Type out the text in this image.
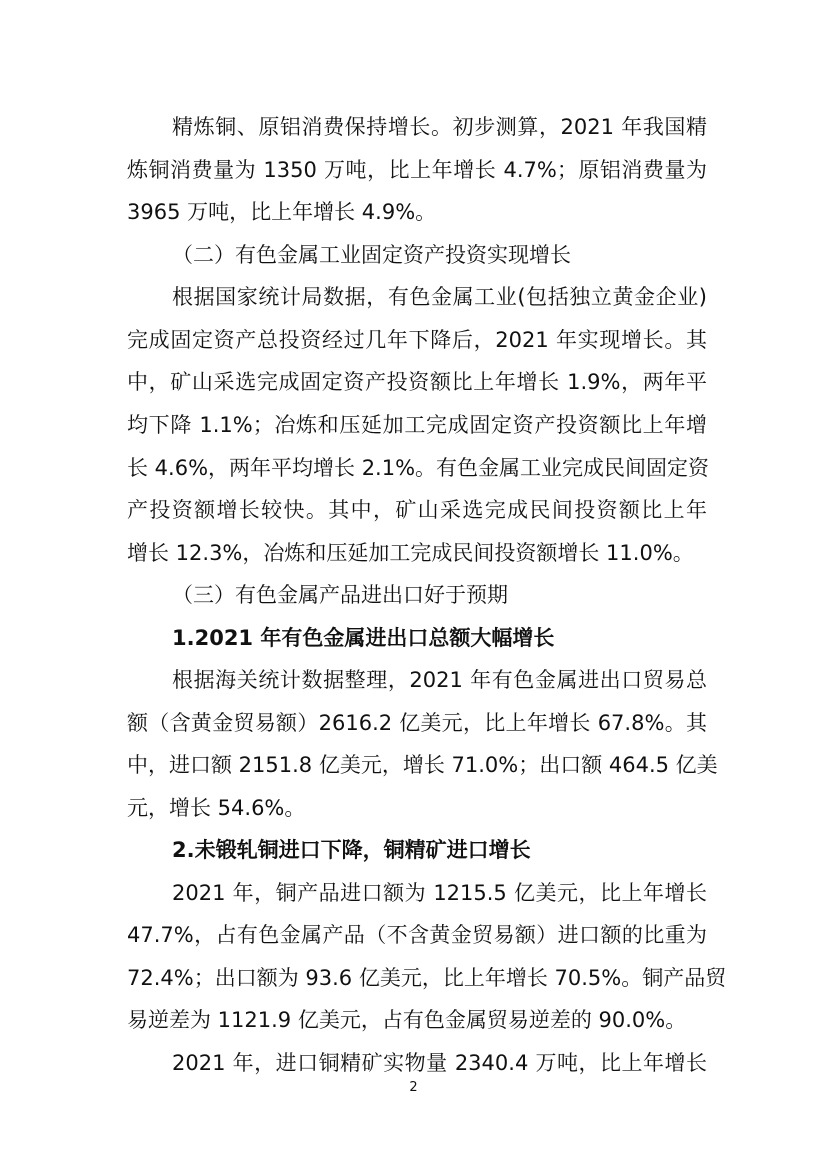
精炼铜、原铝消费保持增长。初步测算，2021 年我国精
炼铜消费量为 1350 万吨，比上年增长 4.7%；原铝消费量为
3965 万吨，比上年增长 4.9%。
（二）有色金属工业固定资产投资实现增长
根据国家统计局数据，有色金属工业(包括独立黄金企业)
完成固定资产总投资经过几年下降后，2021 年实现增长。其
中，矿山采选完成固定资产投资额比上年增长 1.9%，两年平
均下降 1.1%；冶炼和压延加工完成固定资产投资额比上年增
长 4.6%，两年平均增长 2.1%。有色金属工业完成民间固定资
产投资额增长较快。其中，矿山采选完成民间投资额比上年
增长 12.3%，冶炼和压延加工完成民间投资额增长 11.0%。
（三）有色金属产品进出口好于预期
1.2021 年有色金属进出口总额大幅增长
根据海关统计数据整理，2021 年有色金属进出口贸易总
额（含黄金贸易额）2616.2 亿美元，比上年增长 67.8%。其
中，进口额 2151.8 亿美元，增长 71.0%；出口额 464.5 亿美
元，增长 54.6%。
2.未锻轧铜进口下降，铜精矿进口增长
2021 年，铜产品进口额为 1215.5 亿美元，比上年增长
47.7%，占有色金属产品（不含黄金贸易额）进口额的比重为
72.4%；出口额为 93.6 亿美元，比上年增长 70.5%。铜产品贸
易逆差为 1121.9 亿美元，占有色金属贸易逆差的 90.0%。
2021 年，进口铜精矿实物量 2340.4 万吨，比上年增长
2
